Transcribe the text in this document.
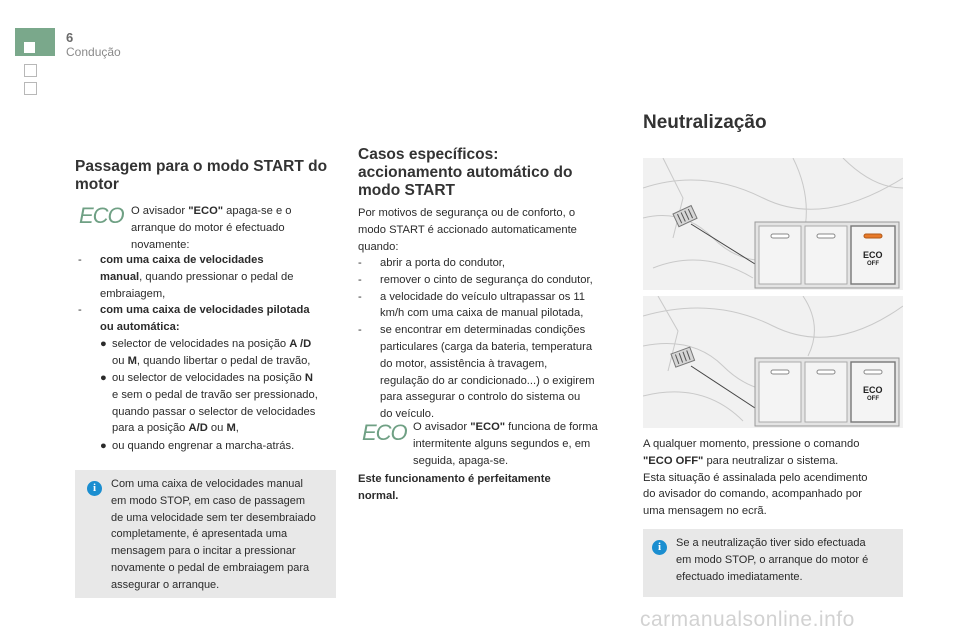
6
Condução
Passagem para o modo START do motor
ECO O avisador "ECO" apaga-se e o
arranque do motor é efectuado
novamente:
- com uma caixa de velocidades
manual, quando pressionar o pedal de
embraiagem,
- com uma caixa de velocidades pilotada
ou automática:
● selector de velocidades na posição A /D
ou M, quando libertar o pedal de travão,
● ou selector de velocidades na posição N
e sem o pedal de travão ser pressionado,
quando passar o selector de velocidades
para a posição A/D ou M,
● ou quando engrenar a marcha-atrás.
i	Com uma caixa de velocidades manual
em modo STOP, em caso de passagem
de uma velocidade sem ter desembraiado
completamente, é apresentada uma
mensagem para o incitar a pressionar
novamente o pedal de embraiagem para
assegurar o arranque.
Casos específicos:
accionamento automático do
modo START
Por motivos de segurança ou de conforto, o
modo START é accionado automaticamente
quando:
- abrir a porta do condutor,
- remover o cinto de segurança do condutor,
- a velocidade do veículo ultrapassar os 11
km/h com uma caixa de manual pilotada,
- se encontrar em determinadas condições
particulares (carga da bateria, temperatura
do motor, assistência à travagem,
regulação do ar condicionado...) o exigirem
para assegurar o controlo do sistema ou
do veículo.
ECO O avisador "ECO" funciona de forma
intermitente alguns segundos e, em
seguida, apaga-se.
Este funcionamento é perfeitamente
normal.
Neutralização
ECO
OFF
ECO
OFF
A qualquer momento, pressione o comando
"ECO OFF" para neutralizar o sistema.
Esta situação é assinalada pelo acendimento
do avisador do comando, acompanhado por
uma mensagem no ecrã.
i	Se a neutralização tiver sido efectuada
em modo STOP, o arranque do motor é
efectuado imediatamente.
carmanualsonline.info
